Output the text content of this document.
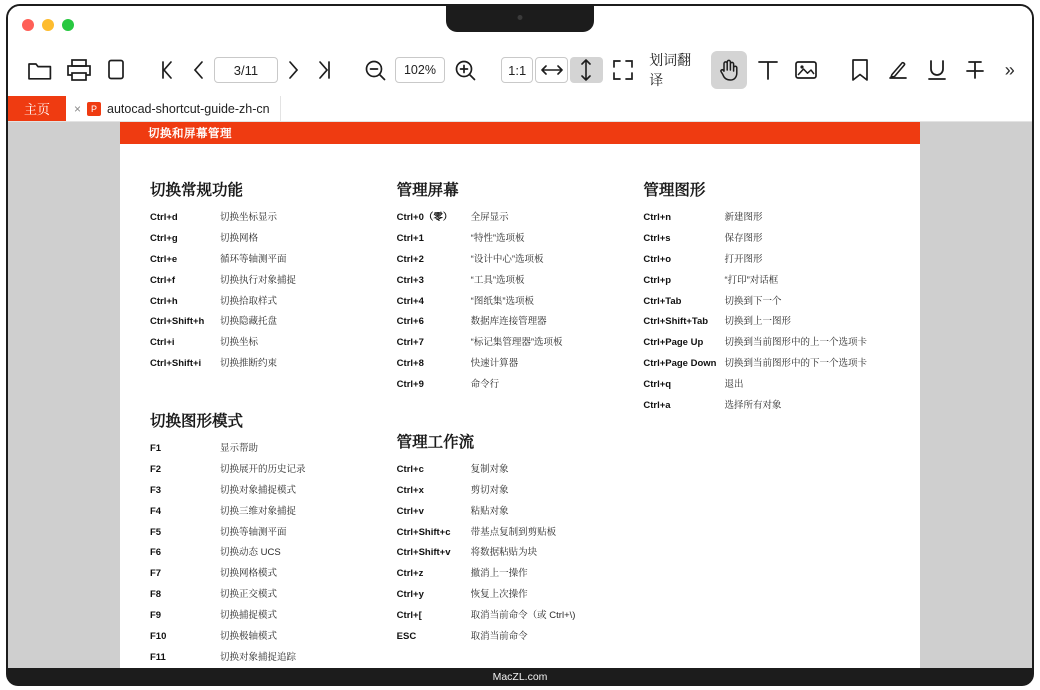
3/11	102%	1:1
划词翻译
»
主页	×	P autocad-shortcut-guide-zh-cn
切换和屏幕管理
切换常规功能
Ctrl+d	切换坐标显示
Ctrl+g	切换网格
Ctrl+e	循环等轴测平面
Ctrl+f	切换执行对象捕捉
Ctrl+h	切换拾取样式
Ctrl+Shift+h	切换隐藏托盘
Ctrl+i	切换坐标
Ctrl+Shift+i	切换推断约束
切换图形模式
F1	显示帮助
F2	切换展开的历史记录
F3	切换对象捕捉模式
F4	切换三维对象捕捉
F5	切换等轴测平面
F6	切换动态 UCS
F7	切换网格模式
F8	切换正交模式
F9	切换捕捉模式
F10	切换极轴模式
F11	切换对象捕捉追踪

管理屏幕
Ctrl+0（零）	全屏显示
Ctrl+1	“特性”选项板
Ctrl+2	“设计中心”选项板
Ctrl+3	“工具”选项板
Ctrl+4	“图纸集”选项板
Ctrl+6	数据库连接管理器
Ctrl+7	“标记集管理器”选项板
Ctrl+8	快速计算器
Ctrl+9	命令行
管理工作流
Ctrl+c	复制对象
Ctrl+x	剪切对象
Ctrl+v	粘贴对象
Ctrl+Shift+c	带基点复制到剪贴板
Ctrl+Shift+v	将数据粘贴为块
Ctrl+z	撤消上一操作
Ctrl+y	恢复上次操作
Ctrl+[	取消当前命令（或 Ctrl+\)
ESC	取消当前命令
管理图形
Ctrl+n	新建图形
Ctrl+s	保存图形
Ctrl+o	打开图形
Ctrl+p	“打印”对话框
Ctrl+Tab	切换到下一个
Ctrl+Shift+Tab	切换到上一图形
Ctrl+Page Up	切换到当前图形中的上一个选项卡
Ctrl+Page Down	切换到当前图形中的下一个选项卡
Ctrl+q	退出
Ctrl+a	选择所有对象
MacZL.com
